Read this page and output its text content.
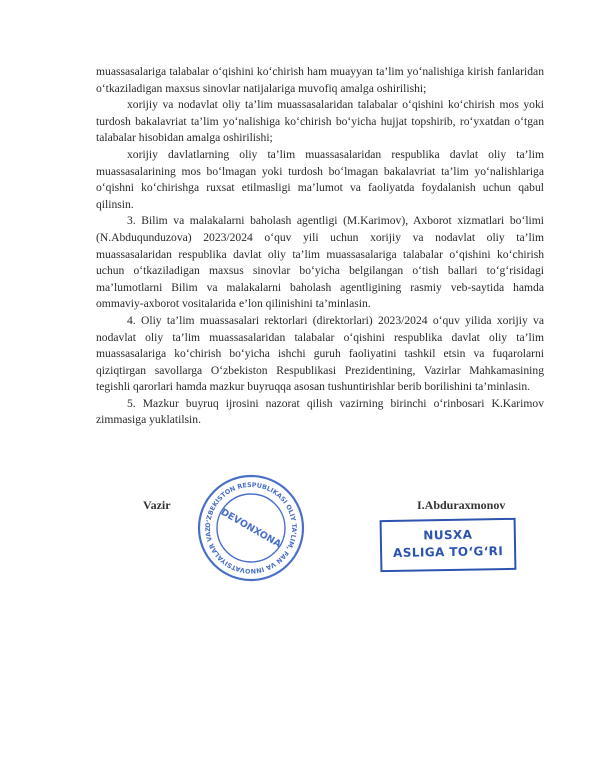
muassasalariga talabalar o‘qishini ko‘chirish ham muayyan ta’lim yo‘nalishiga kirish fanlaridan o‘tkaziladigan maxsus sinovlar natijalariga muvofiq amalga oshirilishi;

xorijiy va nodavlat oliy ta’lim muassasalaridan talabalar o‘qishini ko‘chirish mos yoki turdosh bakalavriat ta’lim yo‘nalishiga ko‘chirish bo‘yicha hujjat topshirib, ro‘yxatdan o‘tgan talabalar hisobidan amalga oshirilishi;

xorijiy davlatlarning oliy ta’lim muassasalaridan respublika davlat oliy ta’lim muassasalarining mos bo‘lmagan yoki turdosh bo‘lmagan bakalavriat ta’lim yo‘nalishlariga o‘qishni ko‘chirishga ruxsat etilmasligi ma’lumot va faoliyatda foydalanish uchun qabul qilinsin.

3. Bilim va malakalarni baholash agentligi (M.Karimov), Axborot xizmatlari bo‘limi (N.Abduqunduzova) 2023/2024 o‘quv yili uchun xorijiy va nodavlat oliy ta’lim muassasalaridan respublika davlat oliy ta’lim muassasalariga talabalar o‘qishini ko‘chirish uchun o‘tkaziladigan maxsus sinovlar bo‘yicha belgilangan o‘tish ballari to‘g‘risidagi ma’lumotlarni Bilim va malakalarni baholash agentligining rasmiy veb-saytida hamda ommaviy-axborot vositalarida e’lon qilinishini ta’minlasin.

4. Oliy ta’lim muassasalari rektorlari (direktorlari) 2023/2024 o‘quv yilida xorijiy va nodavlat oliy ta’lim muassasalaridan talabalar o‘qishini respublika davlat oliy ta’lim muassasalariga ko‘chirish bo‘yicha ishchi guruh faoliyatini tashkil etsin va fuqarolarni qiziqtirgan savollarga O‘zbekiston Respublikasi Prezidentining, Vazirlar Mahkamasining tegishli qarorlari hamda mazkur buyruqqa asosan tushuntirishlar berib borilishini ta’minlasin.

5. Mazkur buyruq ijrosini nazorat qilish vazirning birinchi o‘rinbosari K.Karimov zimmasiga yuklatilsin.

Vazir	I.Abduraxmonov
O‘ZBEKISTON RESPUBLIKASI OLIY TA’LIM, FAN VA INNOVATSIYALAR VAZ DEVONXONA	NUSXA
ASLIGA TO‘G‘RI
